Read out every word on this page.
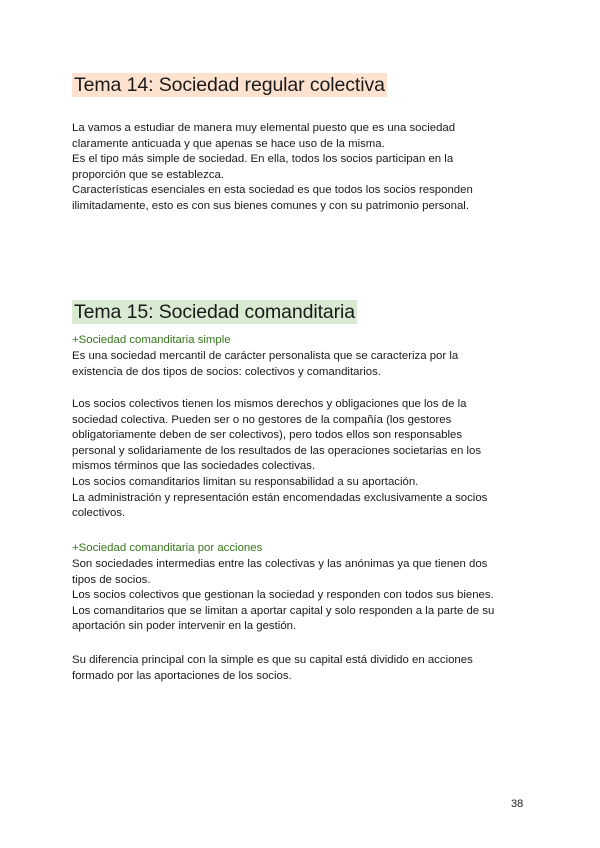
Tema 14: Sociedad regular colectiva

La vamos a estudiar de manera muy elemental puesto que es una sociedad
claramente anticuada y que apenas se hace uso de la misma.
Es el tipo más simple de sociedad. En ella, todos los socios participan en la
proporción que se establezca.
Características esenciales en esta sociedad es que todos los socios responden
ilimitadamente, esto es con sus bienes comunes y con su patrimonio personal.

Tema 15: Sociedad comanditaria

+Sociedad comanditaria simple

Es una sociedad mercantil de carácter personalista que se caracteriza por la
existencia de dos tipos de socios: colectivos y comanditarios.

Los socios colectivos tienen los mismos derechos y obligaciones que los de la
sociedad colectiva. Pueden ser o no gestores de la compañía (los gestores
obligatoriamente deben de ser colectivos), pero todos ellos son responsables
personal y solidariamente de los resultados de las operaciones societarias en los
mismos términos que las sociedades colectivas.
Los socios comanditarios limitan su responsabilidad a su aportación.
La administración y representación están encomendadas exclusivamente a socios
colectivos.

+Sociedad comanditaria por acciones

Son sociedades intermedias entre las colectivas y las anónimas ya que tienen dos
tipos de socios.
Los socios colectivos que gestionan la sociedad y responden con todos sus bienes.
Los comanditarios que se limitan a aportar capital y solo responden a la parte de su
aportación sin poder intervenir en la gestión.

Su diferencia principal con la simple es que su capital está dividido en acciones
formado por las aportaciones de los socios.

38
